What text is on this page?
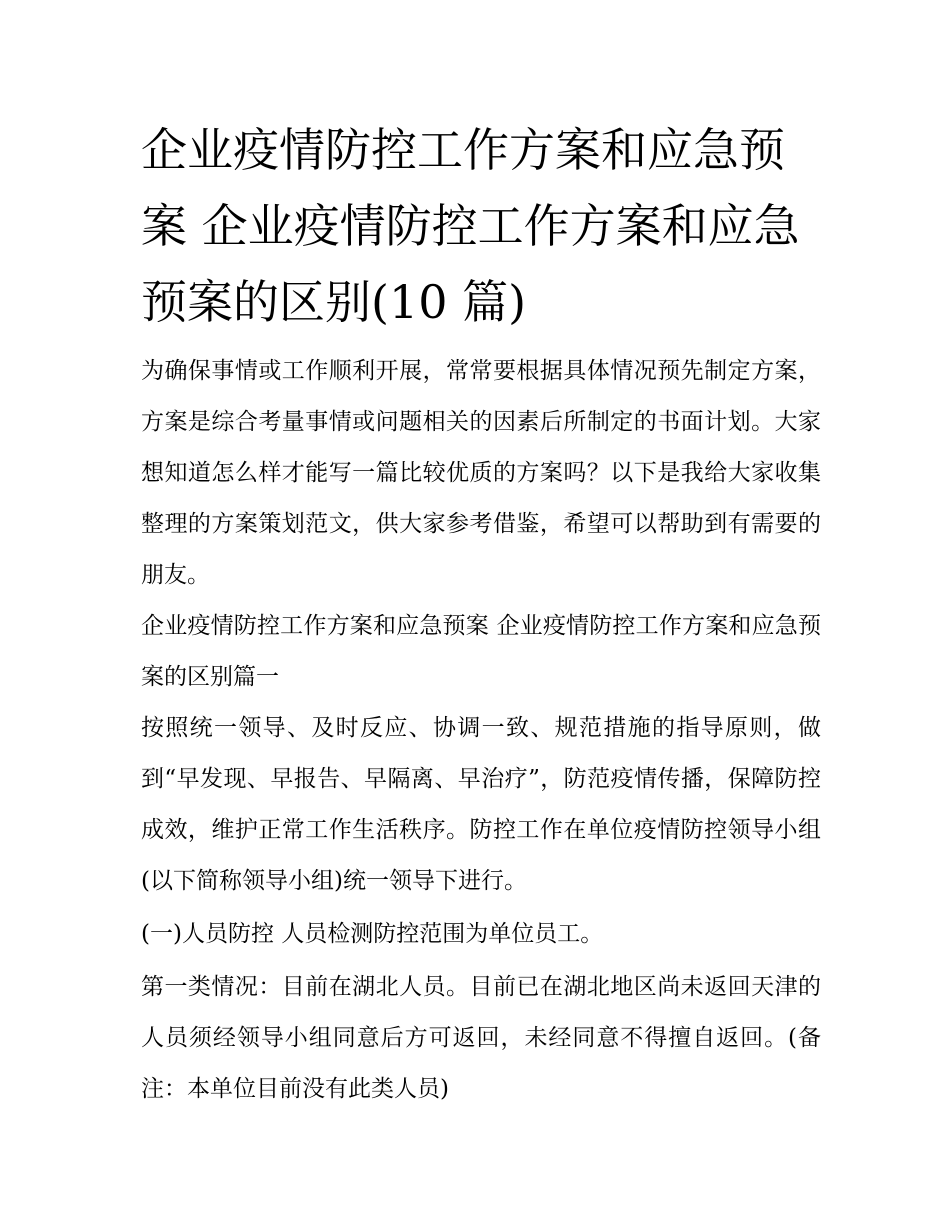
企业疫情防控工作方案和应急预案 企业疫情防控工作方案和应急预案的区别(10 篇)

为确保事情或工作顺利开展，常常要根据具体情况预先制定方案，方案是综合考量事情或问题相关的因素后所制定的书面计划。大家想知道怎么样才能写一篇比较优质的方案吗？以下是我给大家收集整理的方案策划范文，供大家参考借鉴，希望可以帮助到有需要的朋友。

企业疫情防控工作方案和应急预案 企业疫情防控工作方案和应急预案的区别篇一

按照统一领导、及时反应、协调一致、规范措施的指导原则，做到“早发现、早报告、早隔离、早治疗”，防范疫情传播，保障防控成效，维护正常工作生活秩序。防控工作在单位疫情防控领导小组(以下简称领导小组)统一领导下进行。

(一)人员防控 人员检测防控范围为单位员工。

第一类情况：目前在湖北人员。目前已在湖北地区尚未返回天津的人员须经领导小组同意后方可返回，未经同意不得擅自返回。(备注：本单位目前没有此类人员)
